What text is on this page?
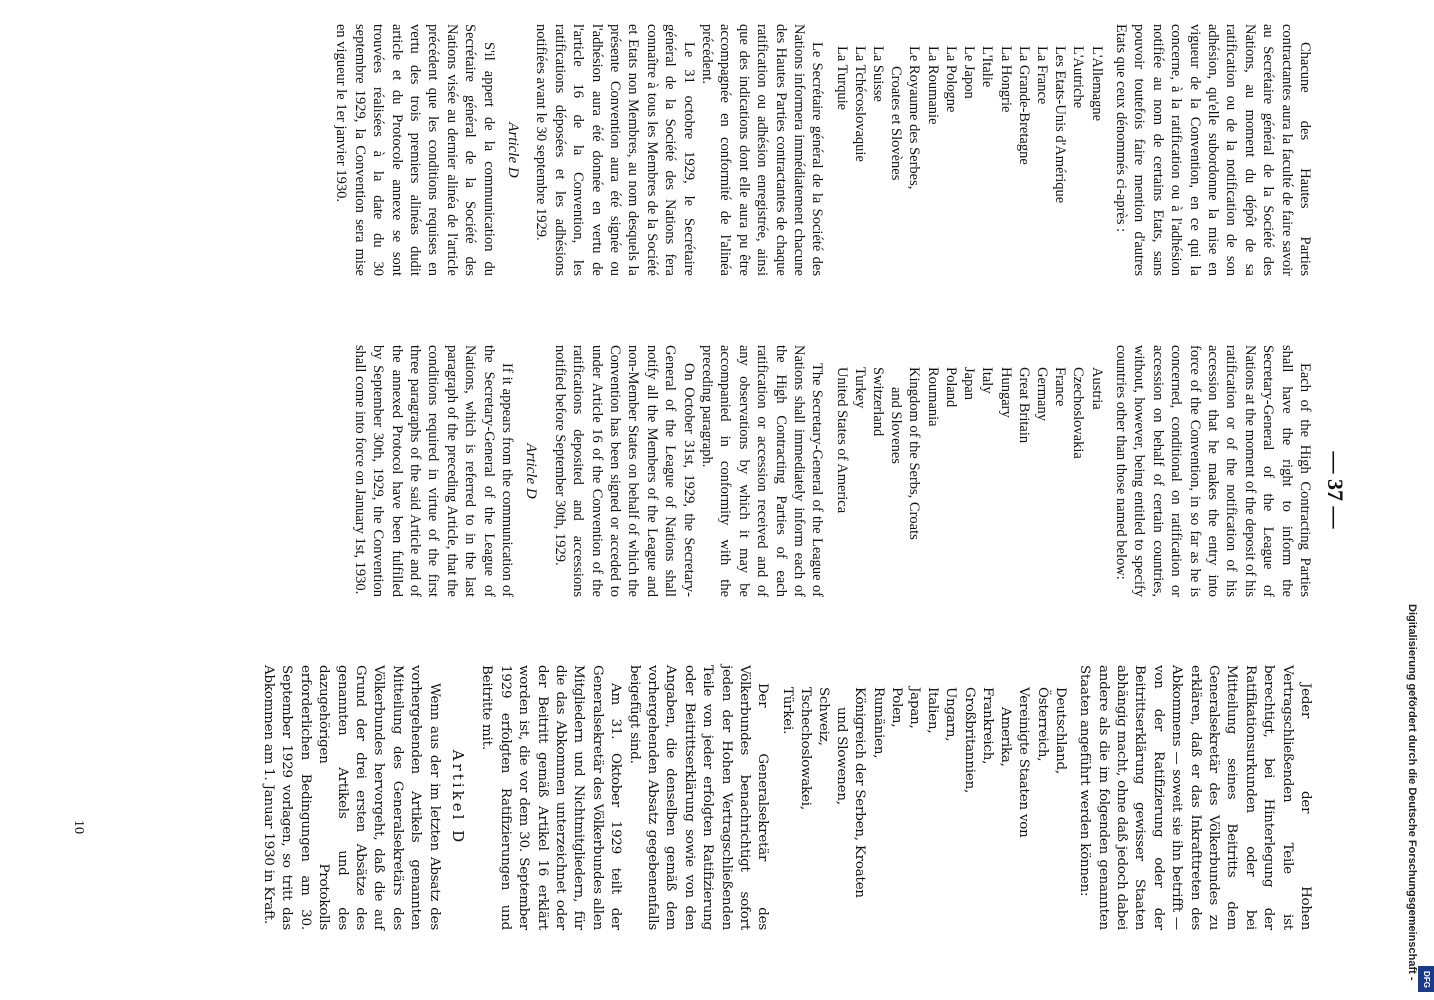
— 37 —

Chacune des Hautes Parties contractantes aura la faculté de faire savoir au Secrétaire général de la Société des Nations, au moment du dépôt de sa ratification ou de la notification de son adhésion, qu'elle subordonne la mise en vigueur de la Convention, en ce qui la concerne, à la ratification ou à l'adhésion notifiée au nom de certains Etats, sans pouvoir toutefois faire mention d'autres Etats que ceux dénommés ci-après :

L'Allemagne
L'Autriche
Les Etats-Unis d'Amérique
La France
La Grande-Bretagne
La Hongrie
L'Italie
Le Japon
La Pologne
La Roumanie
Le Royaume des Serbes,
Croates et Slovènes
La Suisse
La Tchécoslovaquie
La Turquie

Le Secrétaire général de la Société des Nations informera immédiatement chacune des Hautes Parties contractantes de chaque ratification ou adhésion enregistrée, ainsi que des indications dont elle aura pu être accompagnée en conformité de l'alinéa précédent.

Le 31 octobre 1929, le Secrétaire général de la Société des Nations fera connaître à tous les Membres de la Société et Etats non Membres, au nom desquels la présente Convention aura été signée ou l'adhésion aura été donnée en vertu de l'article 16 de la Convention, les ratifications déposées et les adhésions notifiées avant le 30 septembre 1929.

Article D

S'il appert de la communication du Secrétaire général de la Société des Nations visée au dernier alinéa de l'article précédent que les conditions requises en vertu des trois premiers alinéas dudit article et du Protocole annexe se sont trouvées réalisées à la date du 30 septembre 1929, la Convention sera mise en vigueur le 1er janvier 1930.

Each of the High Contracting Parties shall have the right to inform the Secretary-General of the League of Nations at the moment of the deposit of his ratification or of the notification of his accession that he makes the entry into force of the Convention, in so far as he is concerned, conditional on ratification or accession on behalf of certain countries, without, however, being entitled to specify countries other than those named below:

Austria
Czechoslovakia
France
Germany
Great Britain
Hungary
Italy
Japan
Poland
Roumania
Kingdom of the Serbs, Croats
and Slovenes
Switzerland
Turkey
United States of America

The Secretary-General of the League of Nations shall immediately inform each of the High Contracting Parties of each ratification or accession received and of any observations by which it may be accompanied in conformity with the preceding paragraph.

On October 31st, 1929, the Secretary-General of the League of Nations shall notify all the Members of the League and non-Member States on behalf of which the Convention has been signed or acceded to under Article 16 of the Convention of the ratifications deposited and accessions notified before September 30th, 1929.

Article D

If it appears from the communication of the Secretary-General of the League of Nations, which is referred to in the last paragraph of the preceding Article, that the conditions required in virtue of the first three paragraphs of the said Article and of the annexed Protocol have been fulfilled by September 30th, 1929, the Convention shall come into force on January 1st, 1930.

Jeder der Hohen Vertragschließenden Teile ist berechtigt, bei Hinterlegung der Ratifikationsurkunden oder bei Mitteilung seines Beitritts dem Generalsekretär des Völkerbundes zu erklären, daß er das Inkrafttreten des Abkommens — soweit sie ihn betrifft — von der Ratifizierung oder der Beitrittserklärung gewisser Staaten abhängig macht, ohne daß jedoch dabei andere als die im folgenden genannten Staaten angeführt werden können:

Deutschland,
Österreich,
Vereinigte Staaten von
Amerika,
Frankreich,
Großbritannien,
Ungarn,
Italien,
Japan,
Polen,
Rumänien,
Königreich der Serben, Kroaten
und Slowenen,
Schweiz,
Tschechoslowakei,
Türkei.

Der Generalsekretär des Völkerbundes benachrichtigt sofort jeden der Hohen Vertragschließenden Teile von jeder erfolgten Ratifizierung oder Beitrittserklärung sowie von den Angaben, die denselben gemäß dem vorhergehenden Absatz gegebenenfalls beigefügt sind.

Am 31. Oktober 1929 teilt der Generalsekretär des Völkerbundes allen Mitgliedern und Nichtmitgliedern, für die das Abkommen unterzeichnet oder der Beitritt gemäß Artikel 16 erklärt worden ist, die vor dem 30. September 1929 erfolgten Ratifizierungen und Beitritte mit.

Artikel D

Wenn aus der im letzten Absatz des vorhergehenden Artikels genannten Mitteilung des Generalsekretärs des Völkerbundes hervorgeht, daß die auf Grund der drei ersten Absätze des genannten Artikels und des dazugehörigen Protokolls erforderlichen Bedingungen am 30. September 1929 vorlagen, so tritt das Abkommen am 1. Januar 1930 in Kraft.

10	Digitalisierung gefördert durch die Deutsche Forschungsgemeinschaft - DFG
